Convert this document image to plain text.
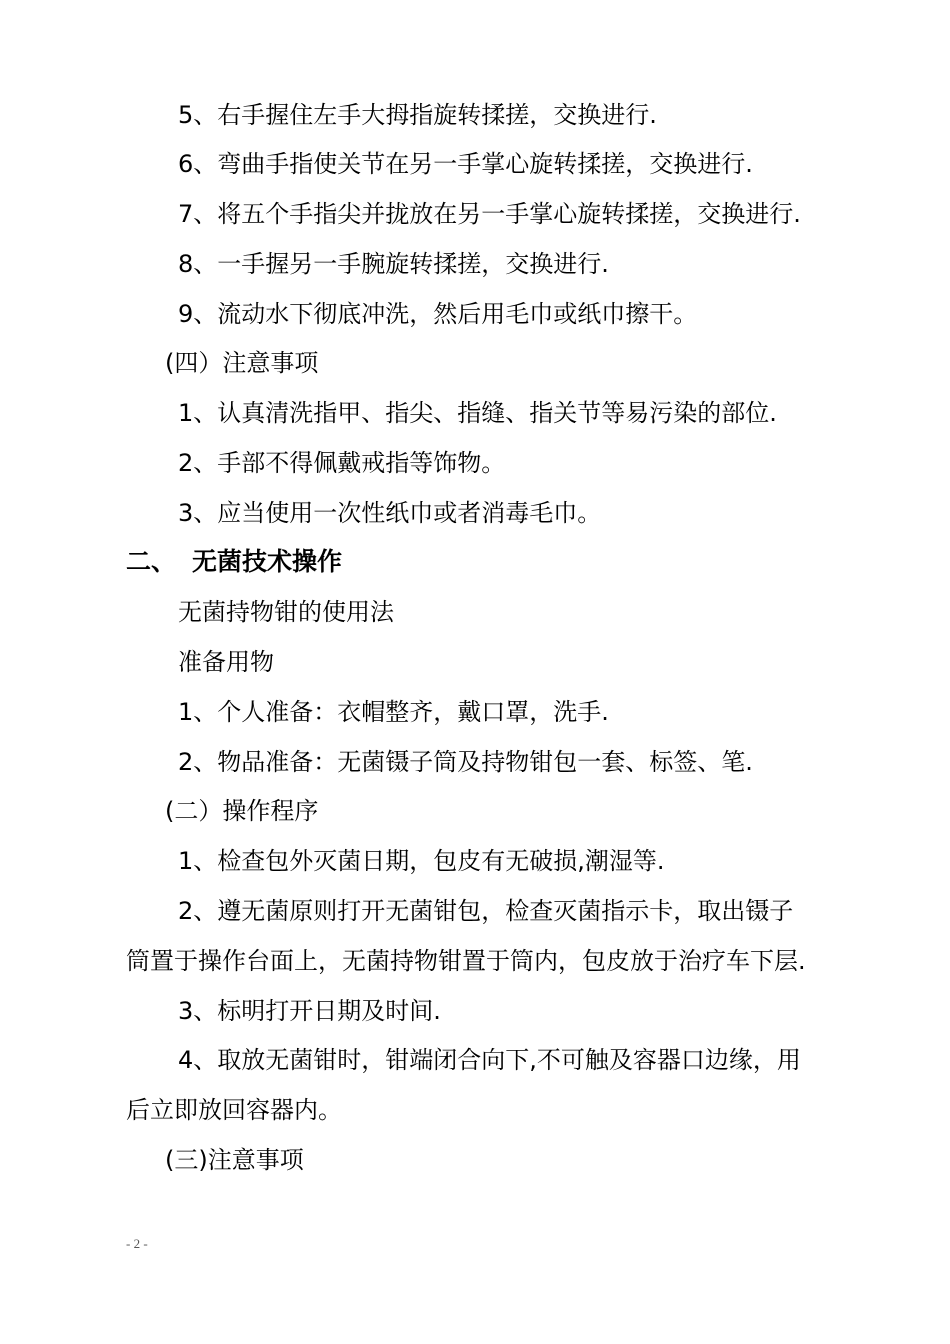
5、右手握住左手大拇指旋转揉搓，交换进行.
6、弯曲手指使关节在另一手掌心旋转揉搓，交换进行.
7、将五个手指尖并拢放在另一手掌心旋转揉搓，交换进行.
8、一手握另一手腕旋转揉搓，交换进行.
9、流动水下彻底冲洗，然后用毛巾或纸巾擦干。
(四）注意事项
1、认真清洗指甲、指尖、指缝、指关节等易污染的部位.
2、手部不得佩戴戒指等饰物。
3、应当使用一次性纸巾或者消毒毛巾。
二、 无菌技术操作
无菌持物钳的使用法
准备用物
1、个人准备：衣帽整齐，戴口罩，洗手.
2、物品准备：无菌镊子筒及持物钳包一套、标签、笔.
(二）操作程序
1、检查包外灭菌日期，包皮有无破损,潮湿等.
2、遵无菌原则打开无菌钳包，检查灭菌指示卡，取出镊子
筒置于操作台面上，无菌持物钳置于筒内，包皮放于治疗车下层.
3、标明打开日期及时间.
4、取放无菌钳时，钳端闭合向下,不可触及容器口边缘，用
后立即放回容器内。
(三)注意事项
- 2 -
